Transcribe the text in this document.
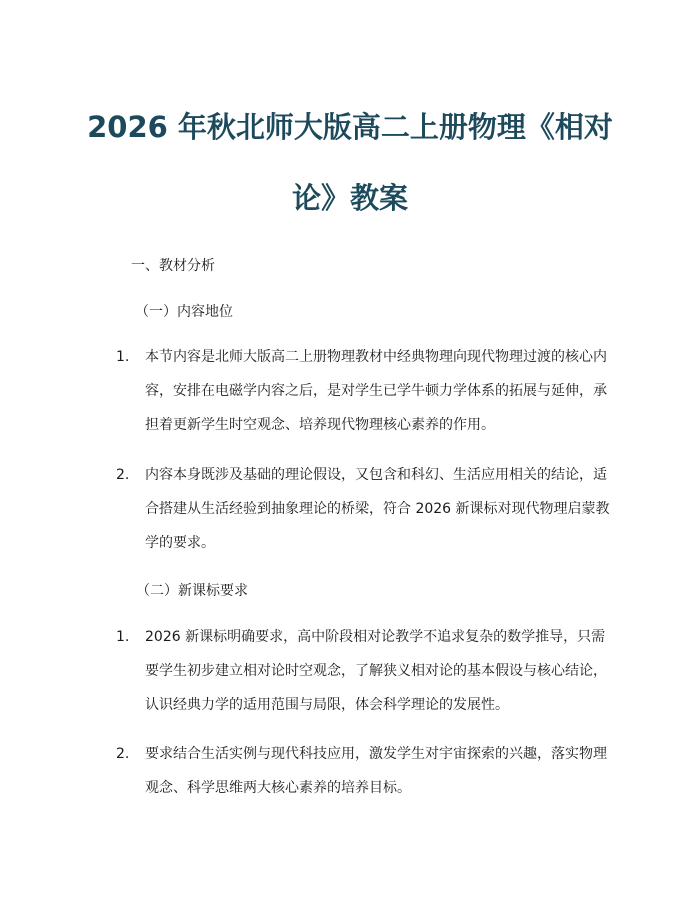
2026 年秋北师大版高二上册物理《相对
论》教案
一、教材分析
（一）内容地位
1. 本节内容是北师大版高二上册物理教材中经典物理向现代物理过渡的核心内
容，安排在电磁学内容之后，是对学生已学牛顿力学体系的拓展与延伸，承
担着更新学生时空观念、培养现代物理核心素养的作用。
2. 内容本身既涉及基础的理论假设，又包含和科幻、生活应用相关的结论，适
合搭建从生活经验到抽象理论的桥梁，符合 2026 新课标对现代物理启蒙教
学的要求。
（二）新课标要求
1. 2026 新课标明确要求，高中阶段相对论教学不追求复杂的数学推导，只需
要学生初步建立相对论时空观念，了解狭义相对论的基本假设与核心结论，
认识经典力学的适用范围与局限，体会科学理论的发展性。
2. 要求结合生活实例与现代科技应用，激发学生对宇宙探索的兴趣，落实物理
观念、科学思维两大核心素养的培养目标。
